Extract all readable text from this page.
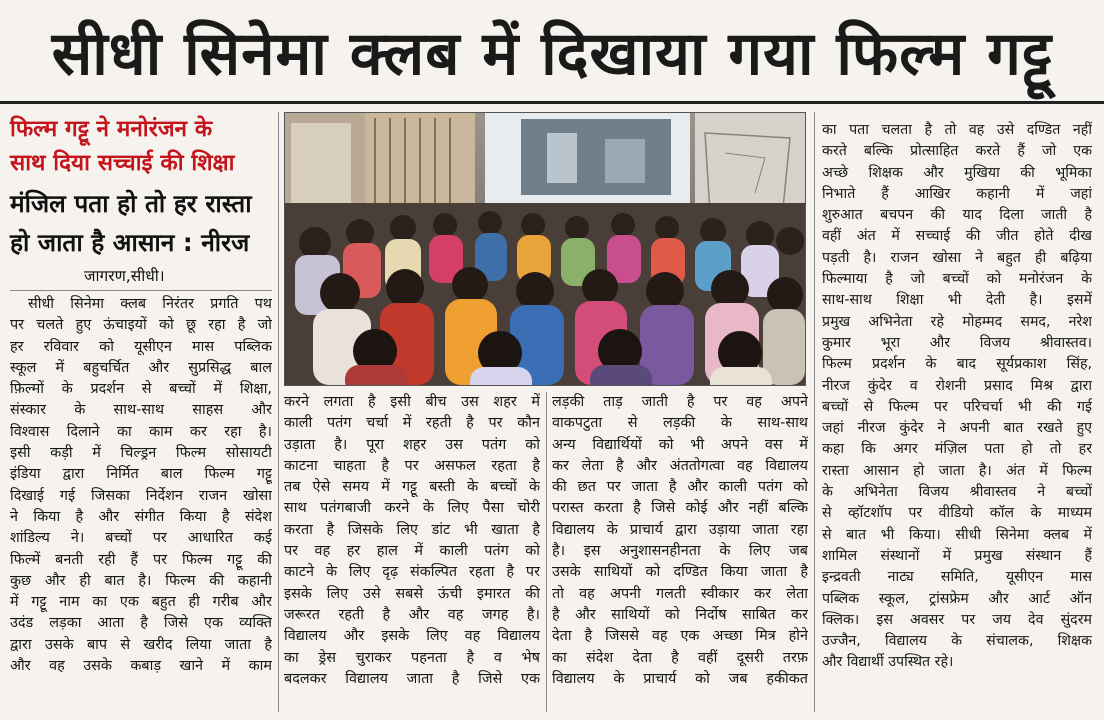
सीधी सिनेमा क्लब में दिखाया गया फिल्म गट्टू
फिल्म गट्टू ने मनोरंजन के
साथ दिया सच्चाई की शिक्षा
मंजिल पता हो तो हर रास्ता
हो जाता है आसान : नीरज
जागरण,सीधी।
सीधी सिनेमा क्लब निरंतर प्रगति पथ
पर चलते हुए ऊंचाइयों को छू रहा है जो
हर रविवार को यूसीएन मास पब्लिक
स्कूल में बहुचर्चित और सुप्रसिद्ध बाल
फ़िल्मों के प्रदर्शन से बच्चों में शिक्षा,
संस्कार के साथ-साथ साहस और
विश्वास दिलाने का काम कर रहा है।
इसी कड़ी में चिल्ड्रन फिल्म सोसायटी
इंडिया द्वारा निर्मित बाल फिल्म गट्टू
दिखाई गई जिसका निर्देशन राजन खोसा
ने किया है और संगीत किया है संदेश
शांडिल्य ने। बच्चों पर आधारित कई
फिल्में बनती रही हैं पर फिल्म गट्टू की
कुछ और ही बात है। फिल्म की कहानी
में गट्टू नाम का एक बहुत ही गरीब और
उदंड लड़का आता है जिसे एक व्यक्ति
द्वारा उसके बाप से खरीद लिया जाता है
और वह उसके कबाड़ खाने में काम
करने लगता है इसी बीच उस शहर में
काली पतंग चर्चा में रहती है पर कौन
उड़ाता है। पूरा शहर उस पतंग को
काटना चाहता है पर असफल रहता है
तब ऐसे समय में गट्टू बस्ती के बच्चों के
साथ पतंगबाजी करने के लिए पैसा चोरी
करता है जिसके लिए डांट भी खाता है
पर वह हर हाल में काली पतंग को
काटने के लिए दृढ़ संकल्पित रहता है पर
इसके लिए उसे सबसे ऊंची इमारत की
जरूरत रहती है और वह जगह है।
विद्यालय और इसके लिए वह विद्यालय
का ड्रेस चुराकर पहनता है व भेष
बदलकर विद्यालय जाता है जिसे एक
लड़की ताड़ जाती है पर वह अपने
वाकपटुता से लड़की के साथ-साथ
अन्य विद्यार्थियों को भी अपने वस में
कर लेता है और अंततोगत्वा वह विद्यालय
की छत पर जाता है और काली पतंग को
परास्त करता है जिसे कोई और नहीं बल्कि
विद्यालय के प्राचार्य द्वारा उड़ाया जाता रहा
है। इस अनुशासनहीनता के लिए जब
उसके साथियों को दण्डित किया जाता है
तो वह अपनी गलती स्वीकार कर लेता
है और साथियों को निर्दोष साबित कर
देता है जिससे वह एक अच्छा मित्र होने
का संदेश देता है वहीं दूसरी तरफ़
विद्यालय के प्राचार्य को जब हकीकत
का पता चलता है तो वह उसे दण्डित नहीं
करते बल्कि प्रोत्साहित करते हैं जो एक
अच्छे शिक्षक और मुखिया की भूमिका
निभाते हैं आखिर कहानी में जहां
शुरुआत बचपन की याद दिला जाती है
वहीं अंत में सच्चाई की जीत होते दीख
पड़ती है। राजन खोसा ने बहुत ही बढ़िया
फिल्माया है जो बच्चों को मनोरंजन के
साथ-साथ शिक्षा भी देती है। इसमें
प्रमुख अभिनेता रहे मोहम्मद समद, नरेश
कुमार भूरा और विजय श्रीवास्तव।
फिल्म प्रदर्शन के बाद सूर्यप्रकाश सिंह,
नीरज कुंदेर व रोशनी प्रसाद मिश्र द्वारा
बच्चों से फिल्म पर परिचर्चा भी की गई
जहां नीरज कुंदेर ने अपनी बात रखते हुए
कहा कि अगर मंज़िल पता हो तो हर
रास्ता आसान हो जाता है। अंत में फिल्म
के अभिनेता विजय श्रीवास्तव ने बच्चों
से व्हॉटशॉप पर वीडियो कॉल के माध्यम
से बात भी किया। सीधी सिनेमा क्लब में
शामिल संस्थानों में प्रमुख संस्थान हैं
इन्द्रवती नाट्य समिति, यूसीएन मास
पब्लिक स्कूल, ट्रांसफ्रेम और आर्ट ऑन
क्लिक। इस अवसर पर जय देव सुंदरम
उज्जैन, विद्यालय के संचालक, शिक्षक
और विद्यार्थी उपस्थित रहे।
